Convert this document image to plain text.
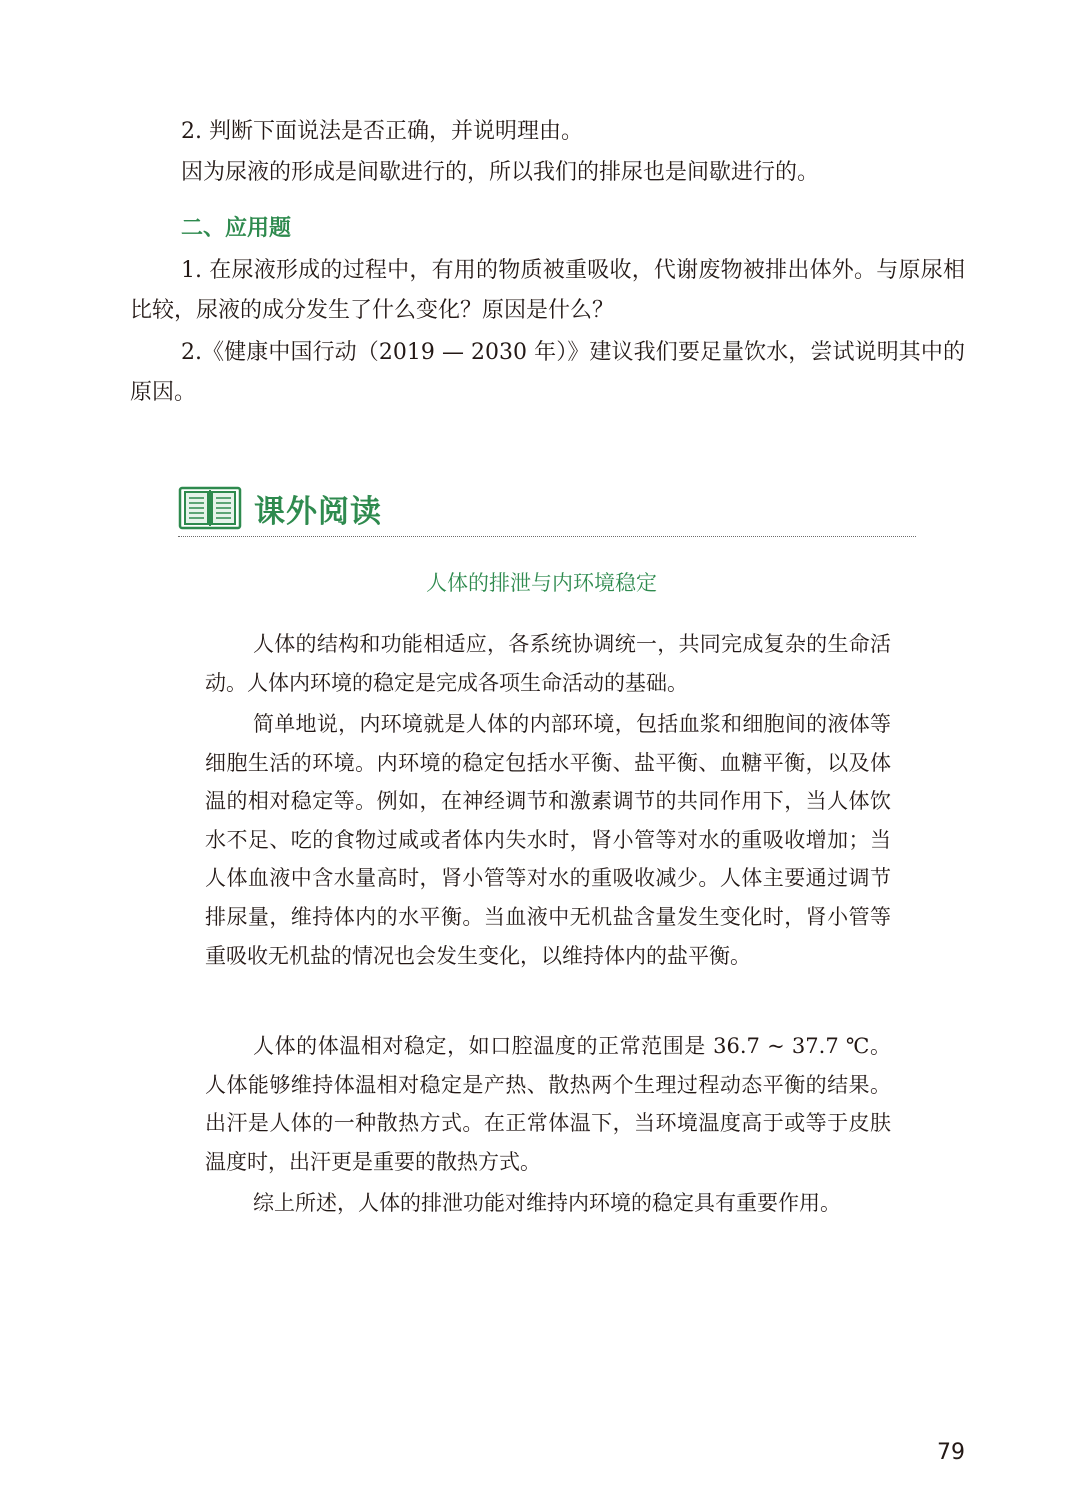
2. 判断下面说法是否正确，并说明理由。
因为尿液的形成是间歇进行的，所以我们的排尿也是间歇进行的。
二、应用题
1. 在尿液形成的过程中，有用的物质被重吸收，代谢废物被排出体外。与原尿相比较，尿液的成分发生了什么变化？原因是什么？
2.《健康中国行动（2019 — 2030 年）》建议我们要足量饮水，尝试说明其中的原因。
课外阅读
人体的排泄与内环境稳定

人体的结构和功能相适应，各系统协调统一，共同完成复杂的生命活动。人体内环境的稳定是完成各项生命活动的基础。

简单地说，内环境就是人体的内部环境，包括血浆和细胞间的液体等细胞生活的环境。内环境的稳定包括水平衡、盐平衡、血糖平衡，以及体温的相对稳定等。例如，在神经调节和激素调节的共同作用下，当人体饮水不足、吃的食物过咸或者体内失水时，肾小管等对水的重吸收增加；当人体血液中含水量高时，肾小管等对水的重吸收减少。人体主要通过调节排尿量，维持体内的水平衡。当血液中无机盐含量发生变化时，肾小管等重吸收无机盐的情况也会发生变化，以维持体内的盐平衡。

人体的体温相对稳定，如口腔温度的正常范围是 36.7 ~ 37.7 ℃。人体能够维持体温相对稳定是产热、散热两个生理过程动态平衡的结果。出汗是人体的一种散热方式。在正常体温下，当环境温度高于或等于皮肤温度时，出汗更是重要的散热方式。

综上所述，人体的排泄功能对维持内环境的稳定具有重要作用。

79
